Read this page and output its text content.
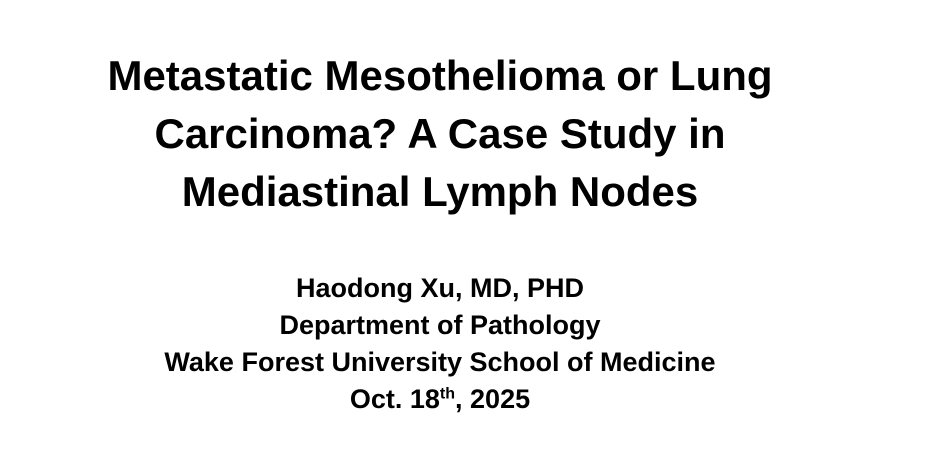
Metastatic Mesothelioma or Lung
Carcinoma? A Case Study in
Mediastinal Lymph Nodes
Haodong Xu, MD, PHD
Department of Pathology
Wake Forest University School of Medicine
Oct. 18th, 2025
